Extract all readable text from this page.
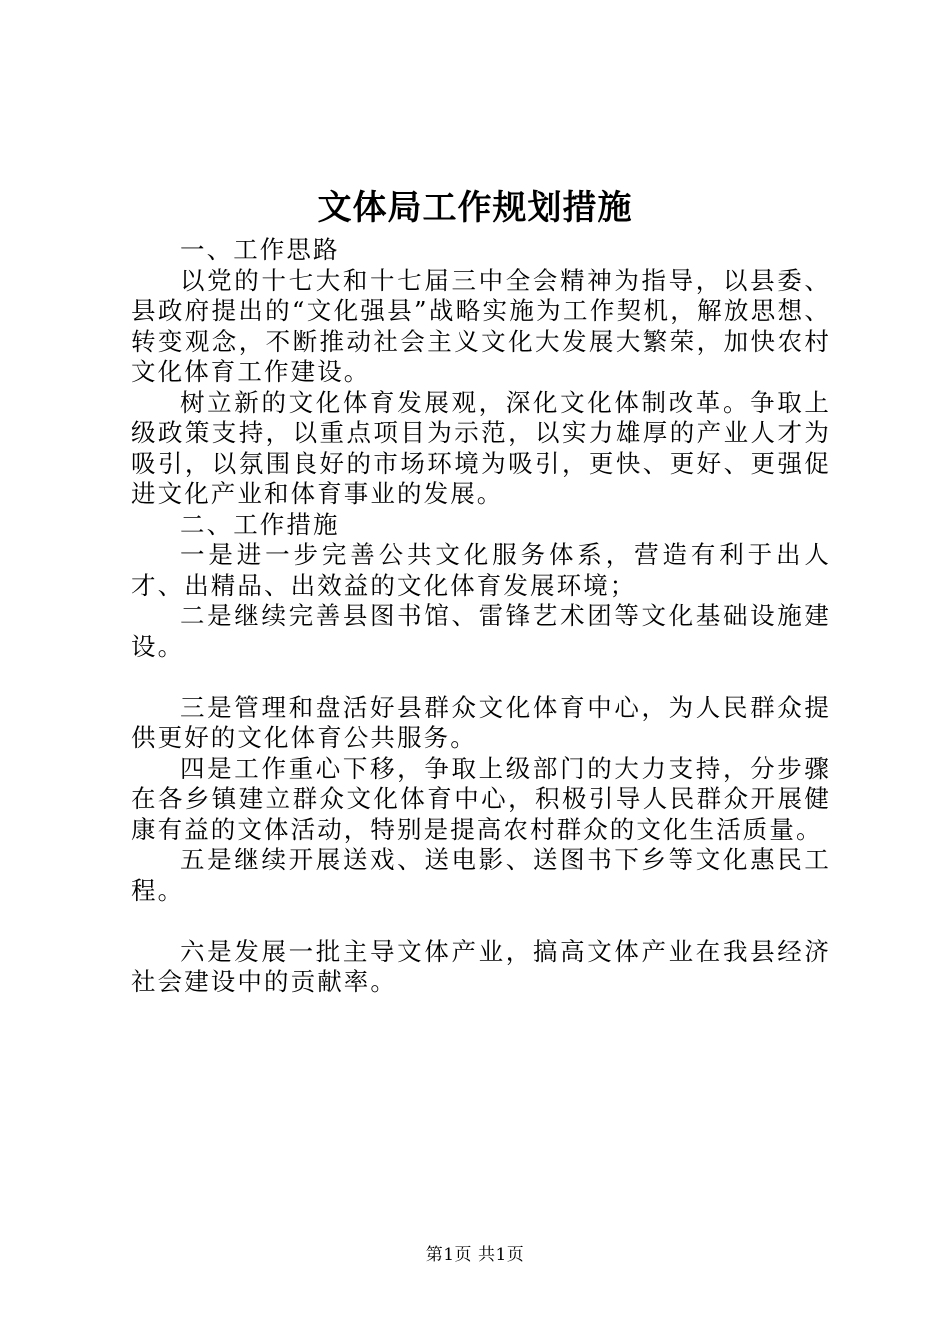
文体局工作规划措施

一、工作思路

以党的十七大和十七届三中全会精神为指导，以县委、县政府提出的“文化强县”战略实施为工作契机，解放思想、转变观念，不断推动社会主义文化大发展大繁荣，加快农村文化体育工作建设。

树立新的文化体育发展观，深化文化体制改革。争取上级政策支持，以重点项目为示范，以实力雄厚的产业人才为吸引，以氛围良好的市场环境为吸引，更快、更好、更强促进文化产业和体育事业的发展。

二、工作措施

一是进一步完善公共文化服务体系，营造有利于出人才、出精品、出效益的文化体育发展环境；

二是继续完善县图书馆、雷锋艺术团等文化基础设施建设。

三是管理和盘活好县群众文化体育中心，为人民群众提供更好的文化体育公共服务。

四是工作重心下移，争取上级部门的大力支持，分步骤在各乡镇建立群众文化体育中心，积极引导人民群众开展健康有益的文体活动，特别是提高农村群众的文化生活质量。

五是继续开展送戏、送电影、送图书下乡等文化惠民工程。

六是发展一批主导文体产业，搞高文体产业在我县经济社会建设中的贡献率。

第1页 共1页
